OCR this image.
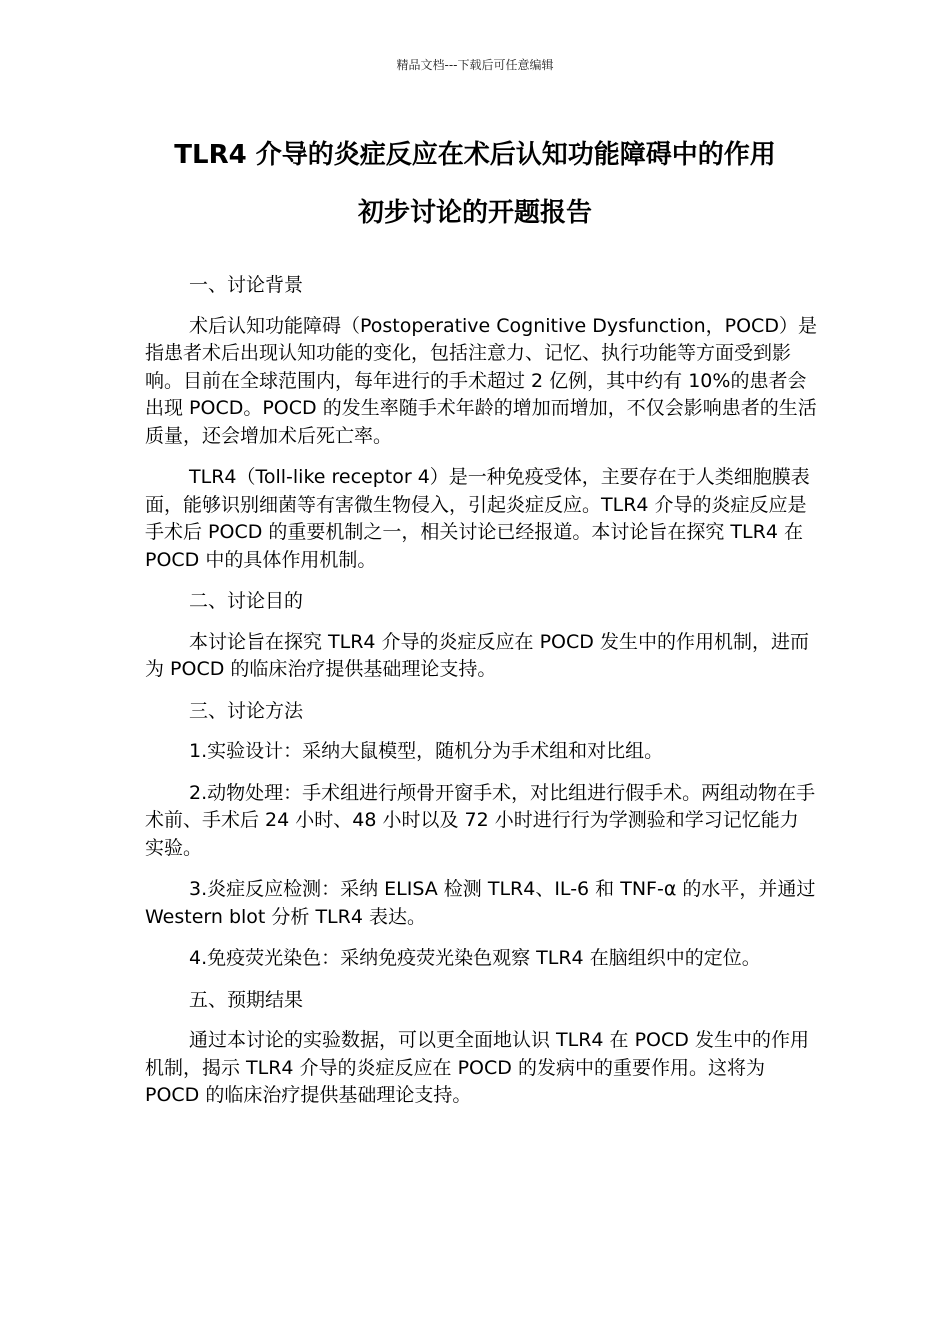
精品文档---下载后可任意编辑
TLR4 介导的炎症反应在术后认知功能障碍中的作用
初步讨论的开题报告

一、讨论背景

术后认知功能障碍（Postoperative Cognitive Dysfunction，POCD）是指患者术后出现认知功能的变化，包括注意力、记忆、执行功能等方面受到影响。目前在全球范围内，每年进行的手术超过 2 亿例，其中约有 10%的患者会出现 POCD。POCD 的发生率随手术年龄的增加而增加，不仅会影响患者的生活质量，还会增加术后死亡率。

TLR4（Toll-like receptor 4）是一种免疫受体，主要存在于人类细胞膜表面，能够识别细菌等有害微生物侵入，引起炎症反应。TLR4 介导的炎症反应是手术后 POCD 的重要机制之一，相关讨论已经报道。本讨论旨在探究 TLR4 在 POCD 中的具体作用机制。

二、讨论目的

本讨论旨在探究 TLR4 介导的炎症反应在 POCD 发生中的作用机制，进而为 POCD 的临床治疗提供基础理论支持。

三、讨论方法

1.实验设计：采纳大鼠模型，随机分为手术组和对比组。

2.动物处理：手术组进行颅骨开窗手术，对比组进行假手术。两组动物在手术前、手术后 24 小时、48 小时以及 72 小时进行行为学测验和学习记忆能力实验。

3.炎症反应检测：采纳 ELISA 检测 TLR4、IL-6 和 TNF-α 的水平，并通过 Western blot 分析 TLR4 表达。

4.免疫荧光染色：采纳免疫荧光染色观察 TLR4 在脑组织中的定位。

五、预期结果

通过本讨论的实验数据，可以更全面地认识 TLR4 在 POCD 发生中的作用机制，揭示 TLR4 介导的炎症反应在 POCD 的发病中的重要作用。这将为 POCD 的临床治疗提供基础理论支持。
